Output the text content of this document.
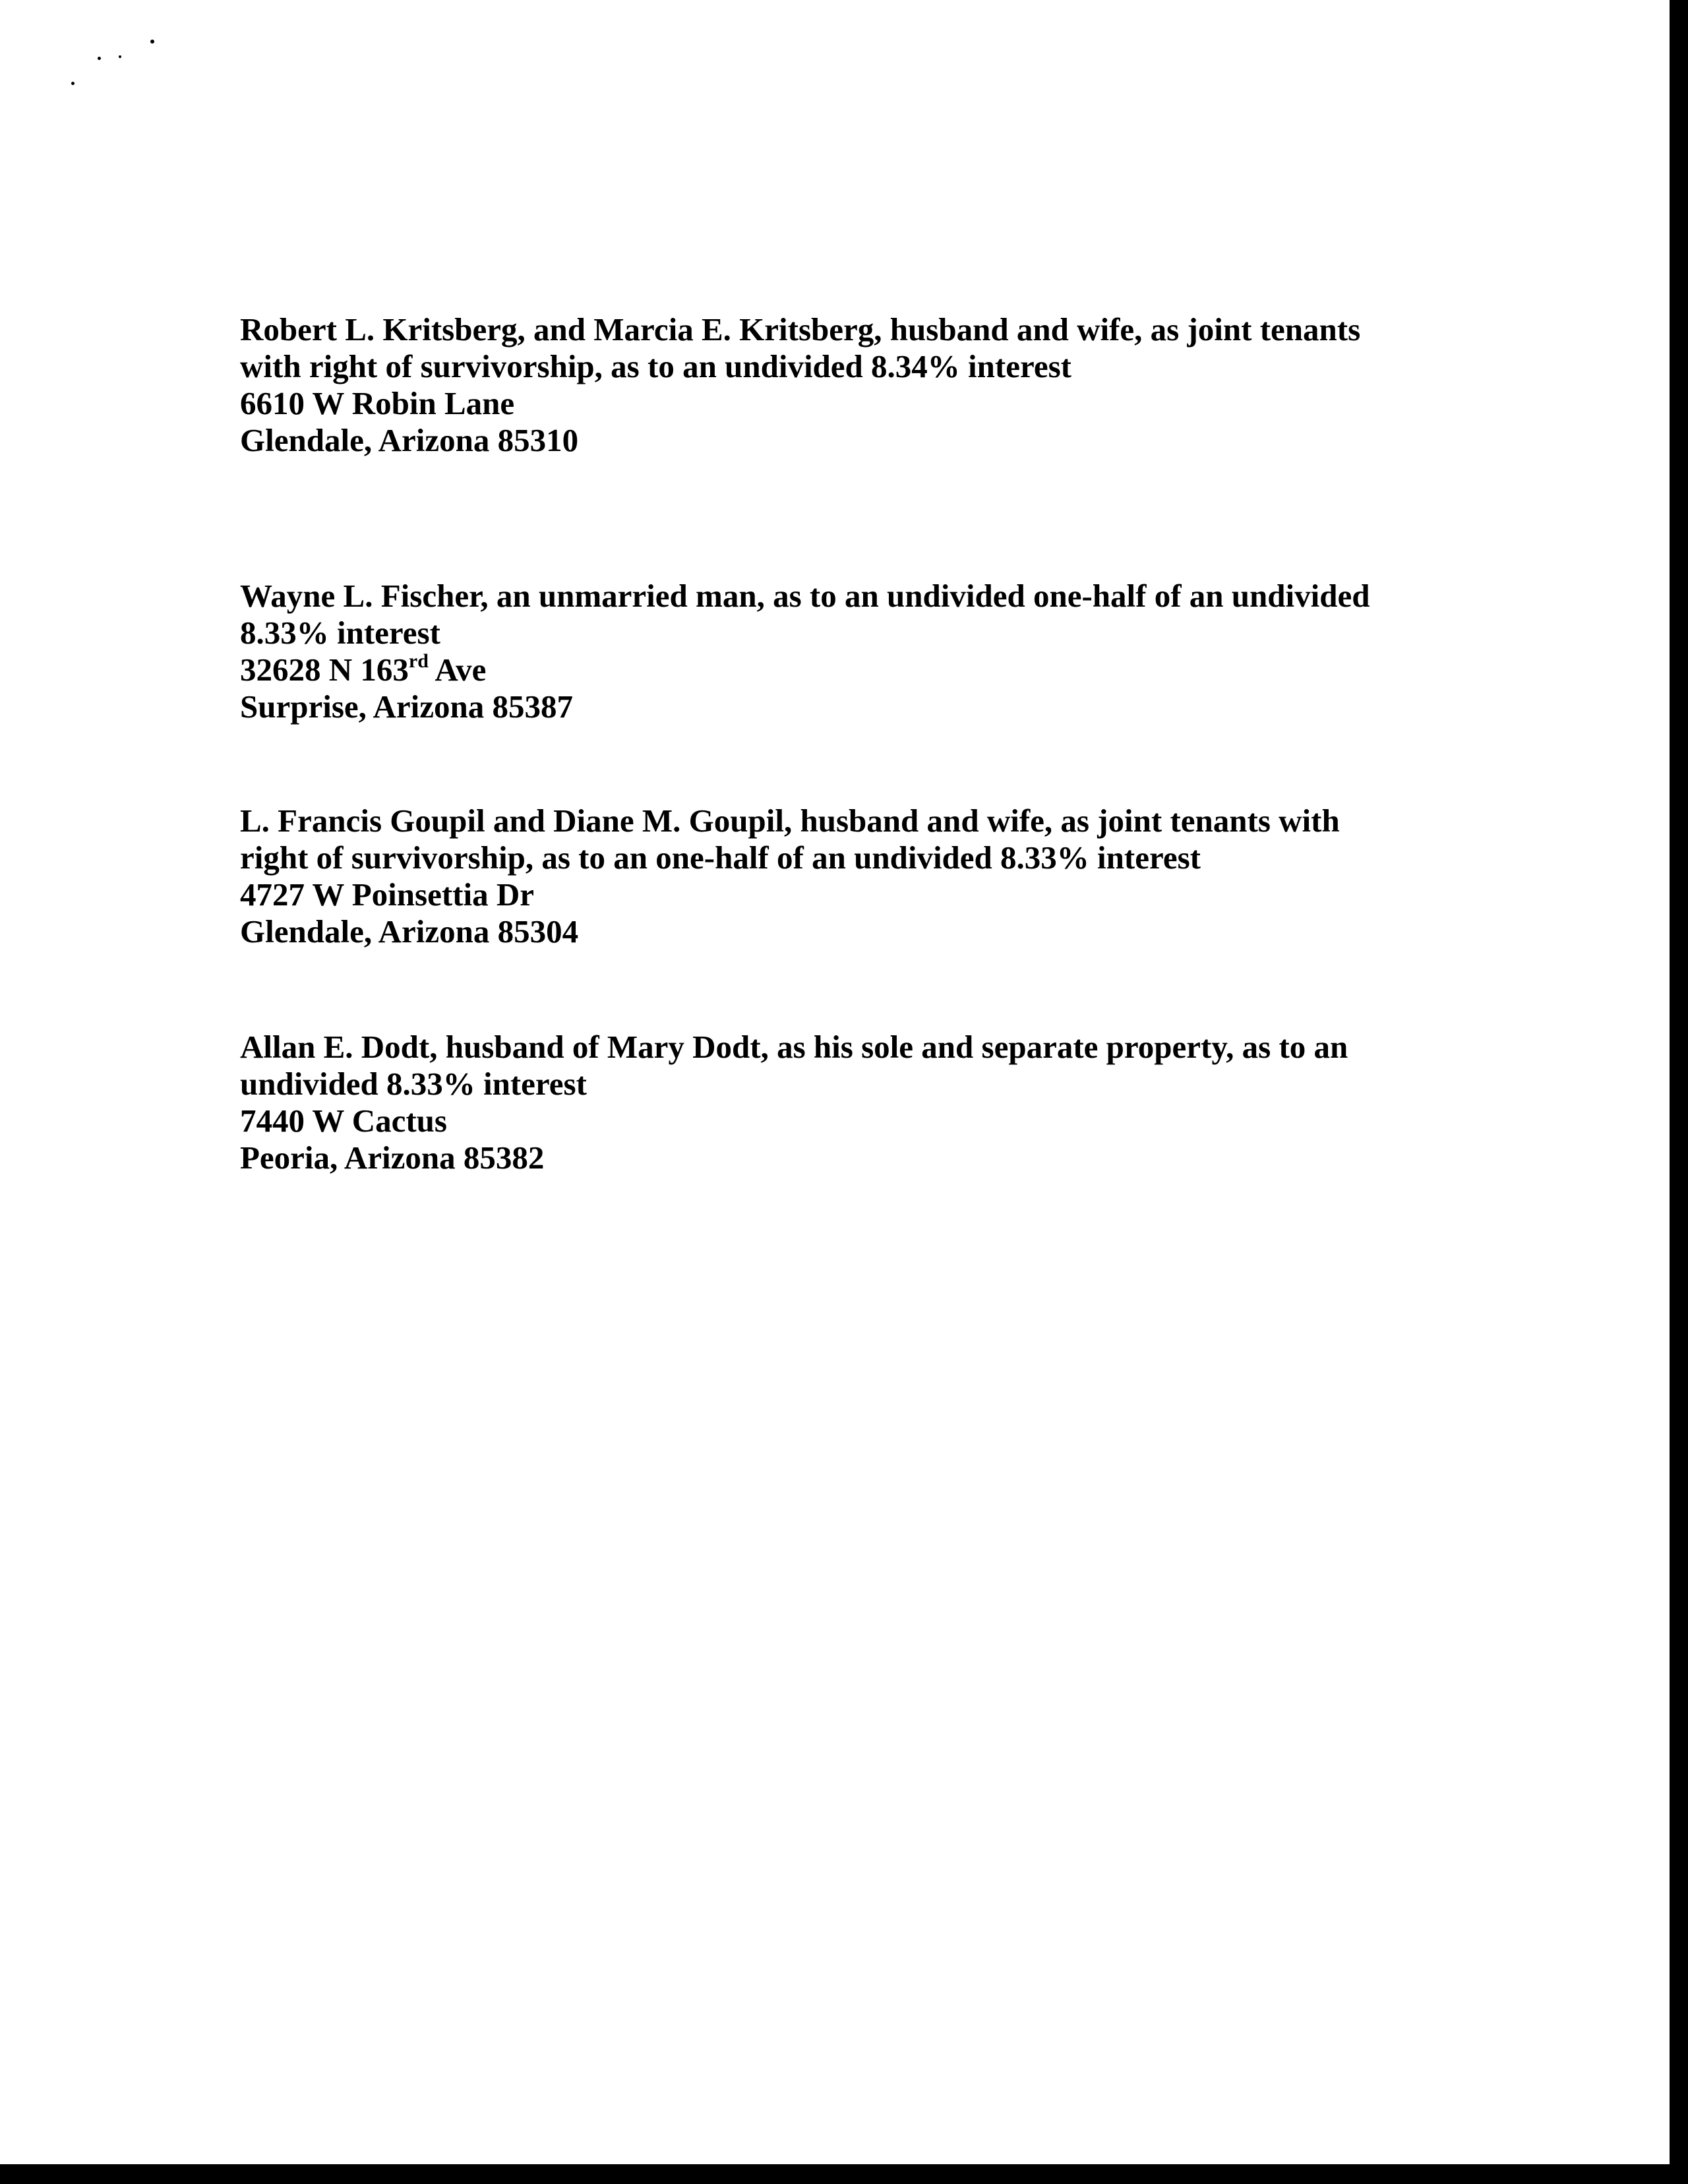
Robert L. Kritsberg, and Marcia E. Kritsberg, husband and wife, as joint tenants
with right of survivorship, as to an undivided 8.34% interest
6610 W Robin Lane
Glendale, Arizona 85310
Wayne L. Fischer, an unmarried man, as to an undivided one-half of an undivided
8.33% interest
32628 N 163rd Ave
Surprise, Arizona 85387
L. Francis Goupil and Diane M. Goupil, husband and wife, as joint tenants with
right of survivorship, as to an one-half of an undivided 8.33% interest
4727 W Poinsettia Dr
Glendale, Arizona 85304
Allan E. Dodt, husband of Mary Dodt, as his sole and separate property, as to an
undivided 8.33% interest
7440 W Cactus
Peoria, Arizona 85382
